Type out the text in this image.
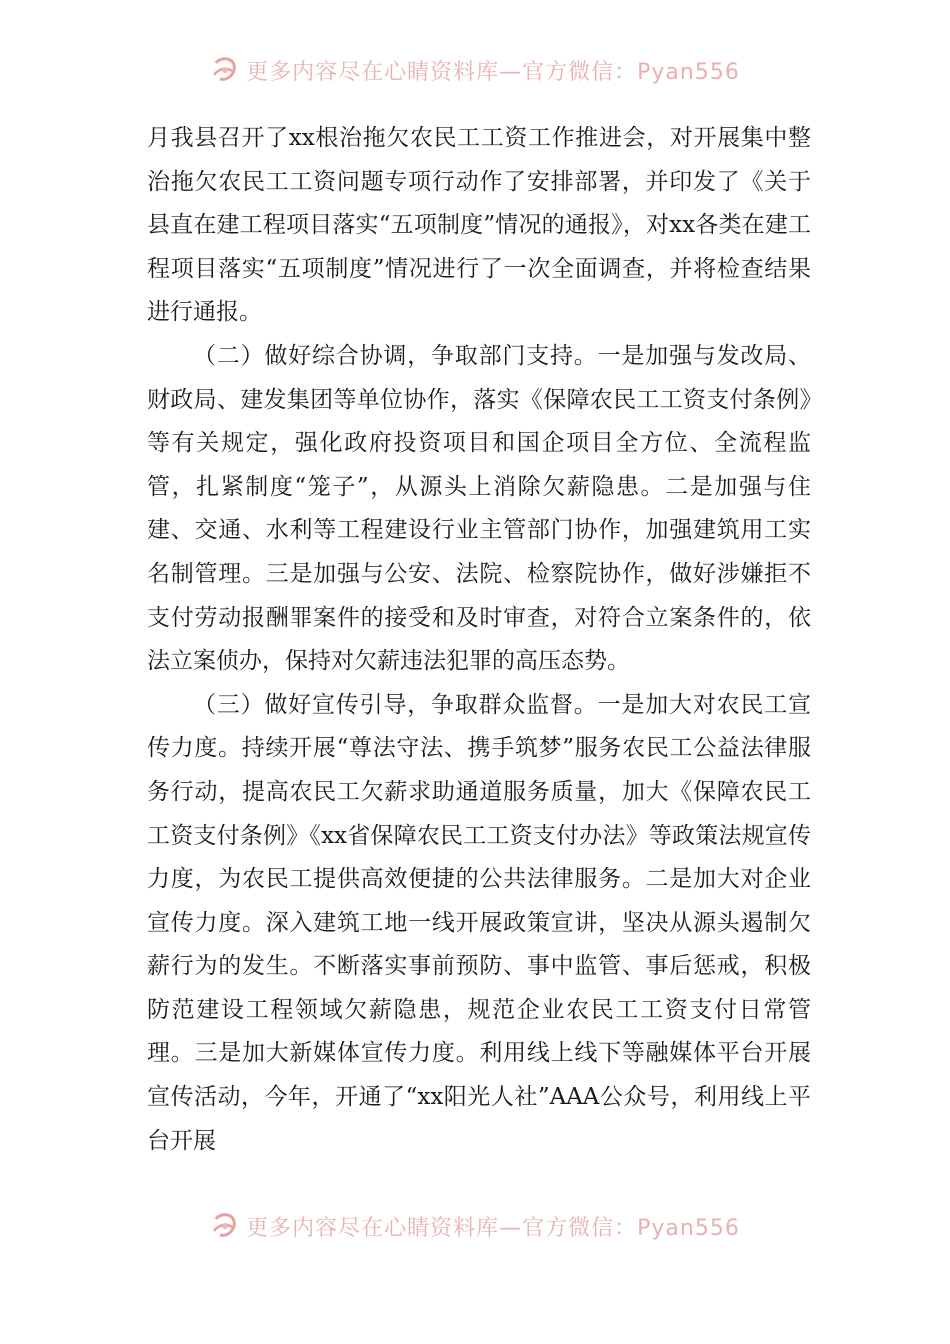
更多内容尽在心睛资料库—官方微信：Pyan556

月我县召开了xx根治拖欠农民工工资工作推进会，对开展集中整治拖欠农民工工资问题专项行动作了安排部署，并印发了《关于县直在建工程项目落实“五项制度”情况的通报》，对xx各类在建工程项目落实“五项制度”情况进行了一次全面调查，并将检查结果进行通报。

（二）做好综合协调，争取部门支持。一是加强与发改局、财政局、建发集团等单位协作，落实《保障农民工工资支付条例》等有关规定，强化政府投资项目和国企项目全方位、全流程监管，扎紧制度“笼子”，从源头上消除欠薪隐患。二是加强与住建、交通、水利等工程建设行业主管部门协作，加强建筑用工实名制管理。三是加强与公安、法院、检察院协作，做好涉嫌拒不支付劳动报酬罪案件的接受和及时审查，对符合立案条件的，依法立案侦办，保持对欠薪违法犯罪的高压态势。

（三）做好宣传引导，争取群众监督。一是加大对农民工宣传力度。持续开展“尊法守法、携手筑梦”服务农民工公益法律服务行动，提高农民工欠薪求助通道服务质量，加大《保障农民工工资支付条例》《xx省保障农民工工资支付办法》等政策法规宣传力度，为农民工提供高效便捷的公共法律服务。二是加大对企业宣传力度。深入建筑工地一线开展政策宣讲，坚决从源头遏制欠薪行为的发生。不断落实事前预防、事中监管、事后惩戒，积极防范建设工程领域欠薪隐患，规范企业农民工工资支付日常管理。三是加大新媒体宣传力度。利用线上线下等融媒体平台开展宣传活动，今年，开通了“xx阳光人社”AAA公众号，利用线上平台开展

更多内容尽在心睛资料库—官方微信：Pyan556
